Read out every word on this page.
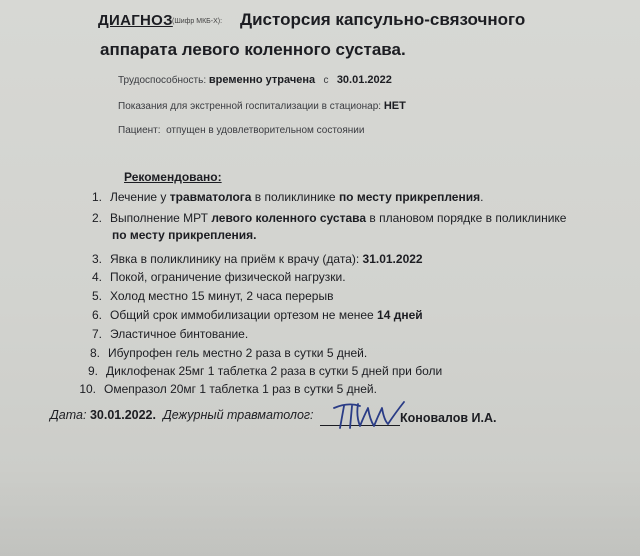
ДИАГНОЗ (Шифр МКБ-Х): Дисторсия капсульно-связочного
аппарата левого коленного сустава.
Трудоспособность: временно утрачена с 30.01.2022
Показания для экстренной госпитализации в стационар: НЕТ
Пациент: отпущен в удовлетворительном состоянии
Рекомендовано:
1. Лечение у травматолога в поликлинике по месту прикрепления.
2. Выполнение МРТ левого коленного сустава в плановом порядке в поликлинике
по месту прикрепления.
3. Явка в поликлинику на приём к врачу (дата): 31.01.2022
4. Покой, ограничение физической нагрузки.
5. Холод местно 15 минут, 2 часа перерыв
6. Общий срок иммобилизации ортезом не менее 14 дней
7. Эластичное бинтование.
8. Ибупрофен гель местно 2 раза в сутки 5 дней.
9. Диклофенак 25мг 1 таблетка 2 раза в сутки 5 дней при боли
10. Омепразол 20мг 1 таблетка 1 раз в сутки 5 дней.
Дата: 30.01.2022. Дежурный травматолог:	Коновалов И.А.
